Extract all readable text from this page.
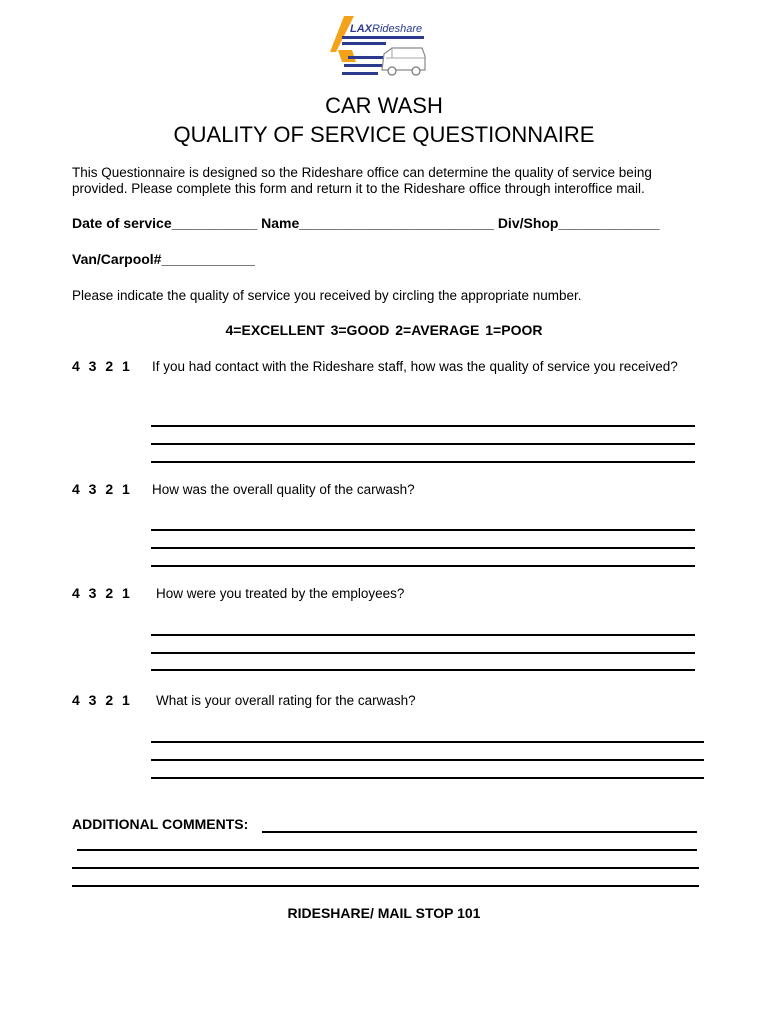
LAXRideshare
CAR WASH
QUALITY OF SERVICE QUESTIONNAIRE
This Questionnaire is designed so the Rideshare office can determine the quality of service being provided. Please complete this form and return it to the Rideshare office through interoffice mail.
Date of service___________ Name_________________________ Div/Shop_____________
Van/Carpool#____________
Please indicate the quality of service you received by circling the appropriate number.
4=EXCELLENT 3=GOOD 2=AVERAGE 1=POOR
4 3 2 1 If you had contact with the Rideshare staff, how was the quality of service you received?
4 3 2 1 How was the overall quality of the carwash?
4 3 2 1 How were you treated by the employees?
4 3 2 1 What is your overall rating for the carwash?
ADDITIONAL COMMENTS:
RIDESHARE/ MAIL STOP 101
